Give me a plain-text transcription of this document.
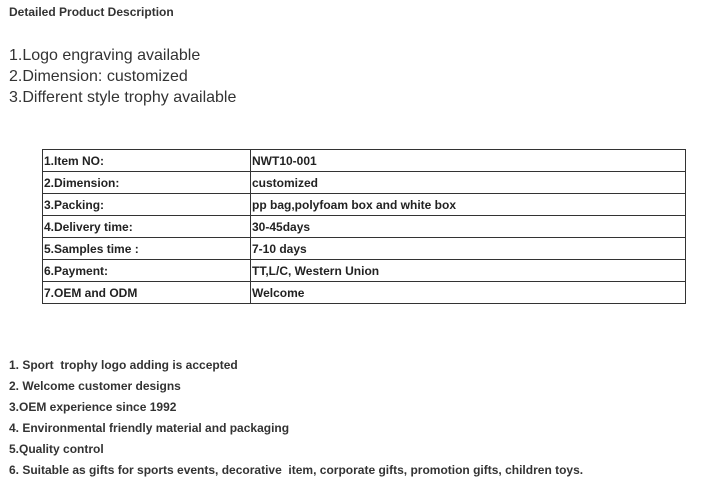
Detailed Product Description
1.Logo engraving available
2.Dimension: customized
3.Different style trophy available
1.Item NO:	NWT10-001
2.Dimension:	customized
3.Packing:	pp bag,polyfoam box and white box
4.Delivery time:	30-45days
5.Samples time :	7-10 days
6.Payment:	TT,L/C, Western Union
7.OEM and ODM	Welcome
1. Sport  trophy logo adding is accepted
2. Welcome customer designs
3.OEM experience since 1992
4. Environmental friendly material and packaging
5.Quality control
6. Suitable as gifts for sports events, decorative  item, corporate gifts, promotion gifts, children toys.
